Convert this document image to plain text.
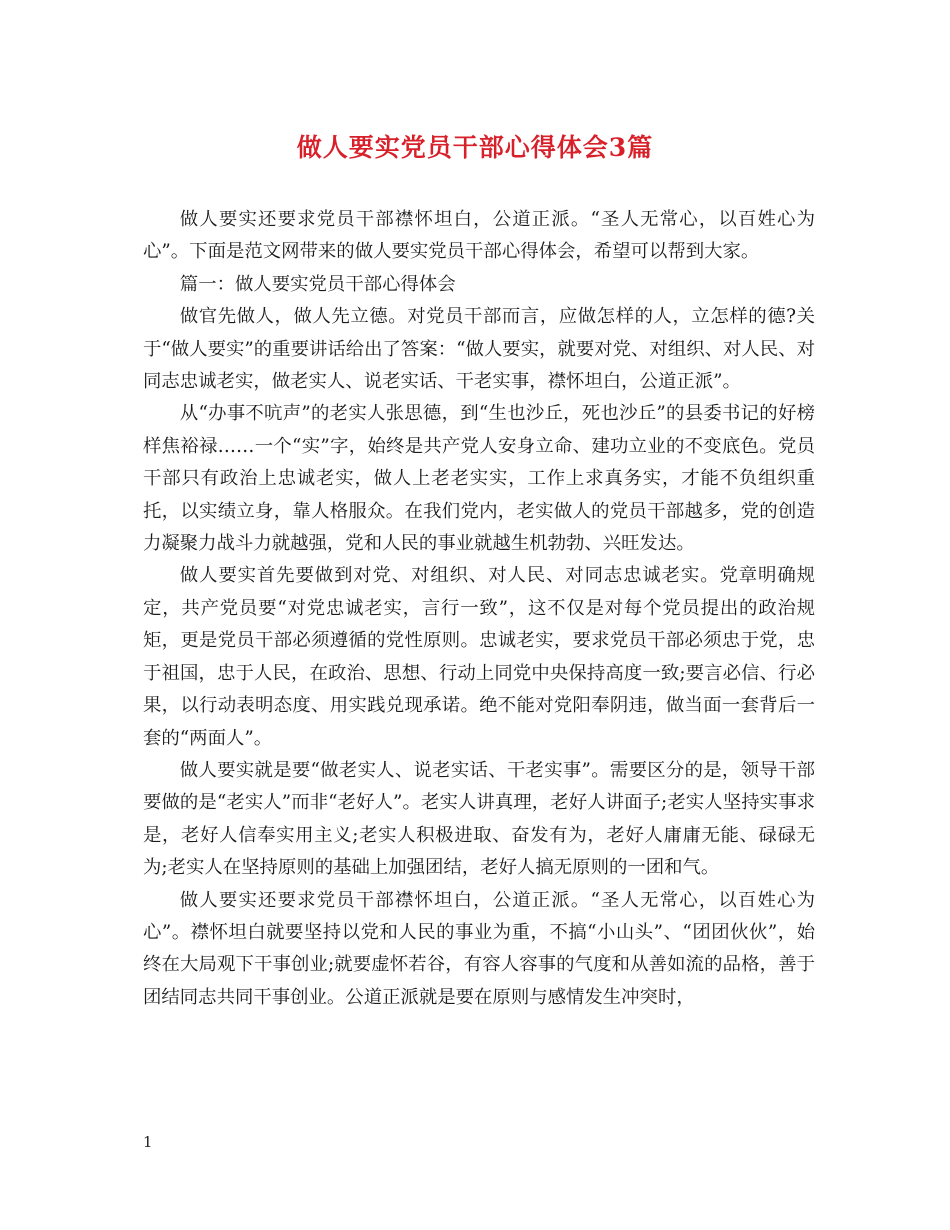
做人要实党员干部心得体会3篇

做人要实还要求党员干部襟怀坦白，公道正派。“圣人无常心，以百姓心为心”。下面是范文网带来的做人要实党员干部心得体会，希望可以帮到大家。

篇一：做人要实党员干部心得体会

做官先做人，做人先立德。对党员干部而言，应做怎样的人，立怎样的德?关于“做人要实”的重要讲话给出了答案：“做人要实，就要对党、对组织、对人民、对同志忠诚老实，做老实人、说老实话、干老实事，襟怀坦白，公道正派”。

从“办事不吭声”的老实人张思德，到“生也沙丘，死也沙丘”的县委书记的好榜样焦裕禄……一个“实”字，始终是共产党人安身立命、建功立业的不变底色。党员干部只有政治上忠诚老实，做人上老老实实，工作上求真务实，才能不负组织重托，以实绩立身，靠人格服众。在我们党内，老实做人的党员干部越多，党的创造力凝聚力战斗力就越强，党和人民的事业就越生机勃勃、兴旺发达。

做人要实首先要做到对党、对组织、对人民、对同志忠诚老实。党章明确规定，共产党员要“对党忠诚老实，言行一致”，这不仅是对每个党员提出的政治规矩，更是党员干部必须遵循的党性原则。忠诚老实，要求党员干部必须忠于党，忠于祖国，忠于人民，在政治、思想、行动上同党中央保持高度一致;要言必信、行必果，以行动表明态度、用实践兑现承诺。绝不能对党阳奉阴违，做当面一套背后一套的“两面人”。

做人要实就是要“做老实人、说老实话、干老实事”。需要区分的是，领导干部要做的是“老实人”而非“老好人”。老实人讲真理，老好人讲面子;老实人坚持实事求是，老好人信奉实用主义;老实人积极进取、奋发有为，老好人庸庸无能、碌碌无为;老实人在坚持原则的基础上加强团结，老好人搞无原则的一团和气。

做人要实还要求党员干部襟怀坦白，公道正派。“圣人无常心，以百姓心为心”。襟怀坦白就要坚持以党和人民的事业为重，不搞“小山头”、“团团伙伙”，始终在大局观下干事创业;就要虚怀若谷，有容人容事的气度和从善如流的品格，善于团结同志共同干事创业。公道正派就是要在原则与感情发生冲突时，

1
